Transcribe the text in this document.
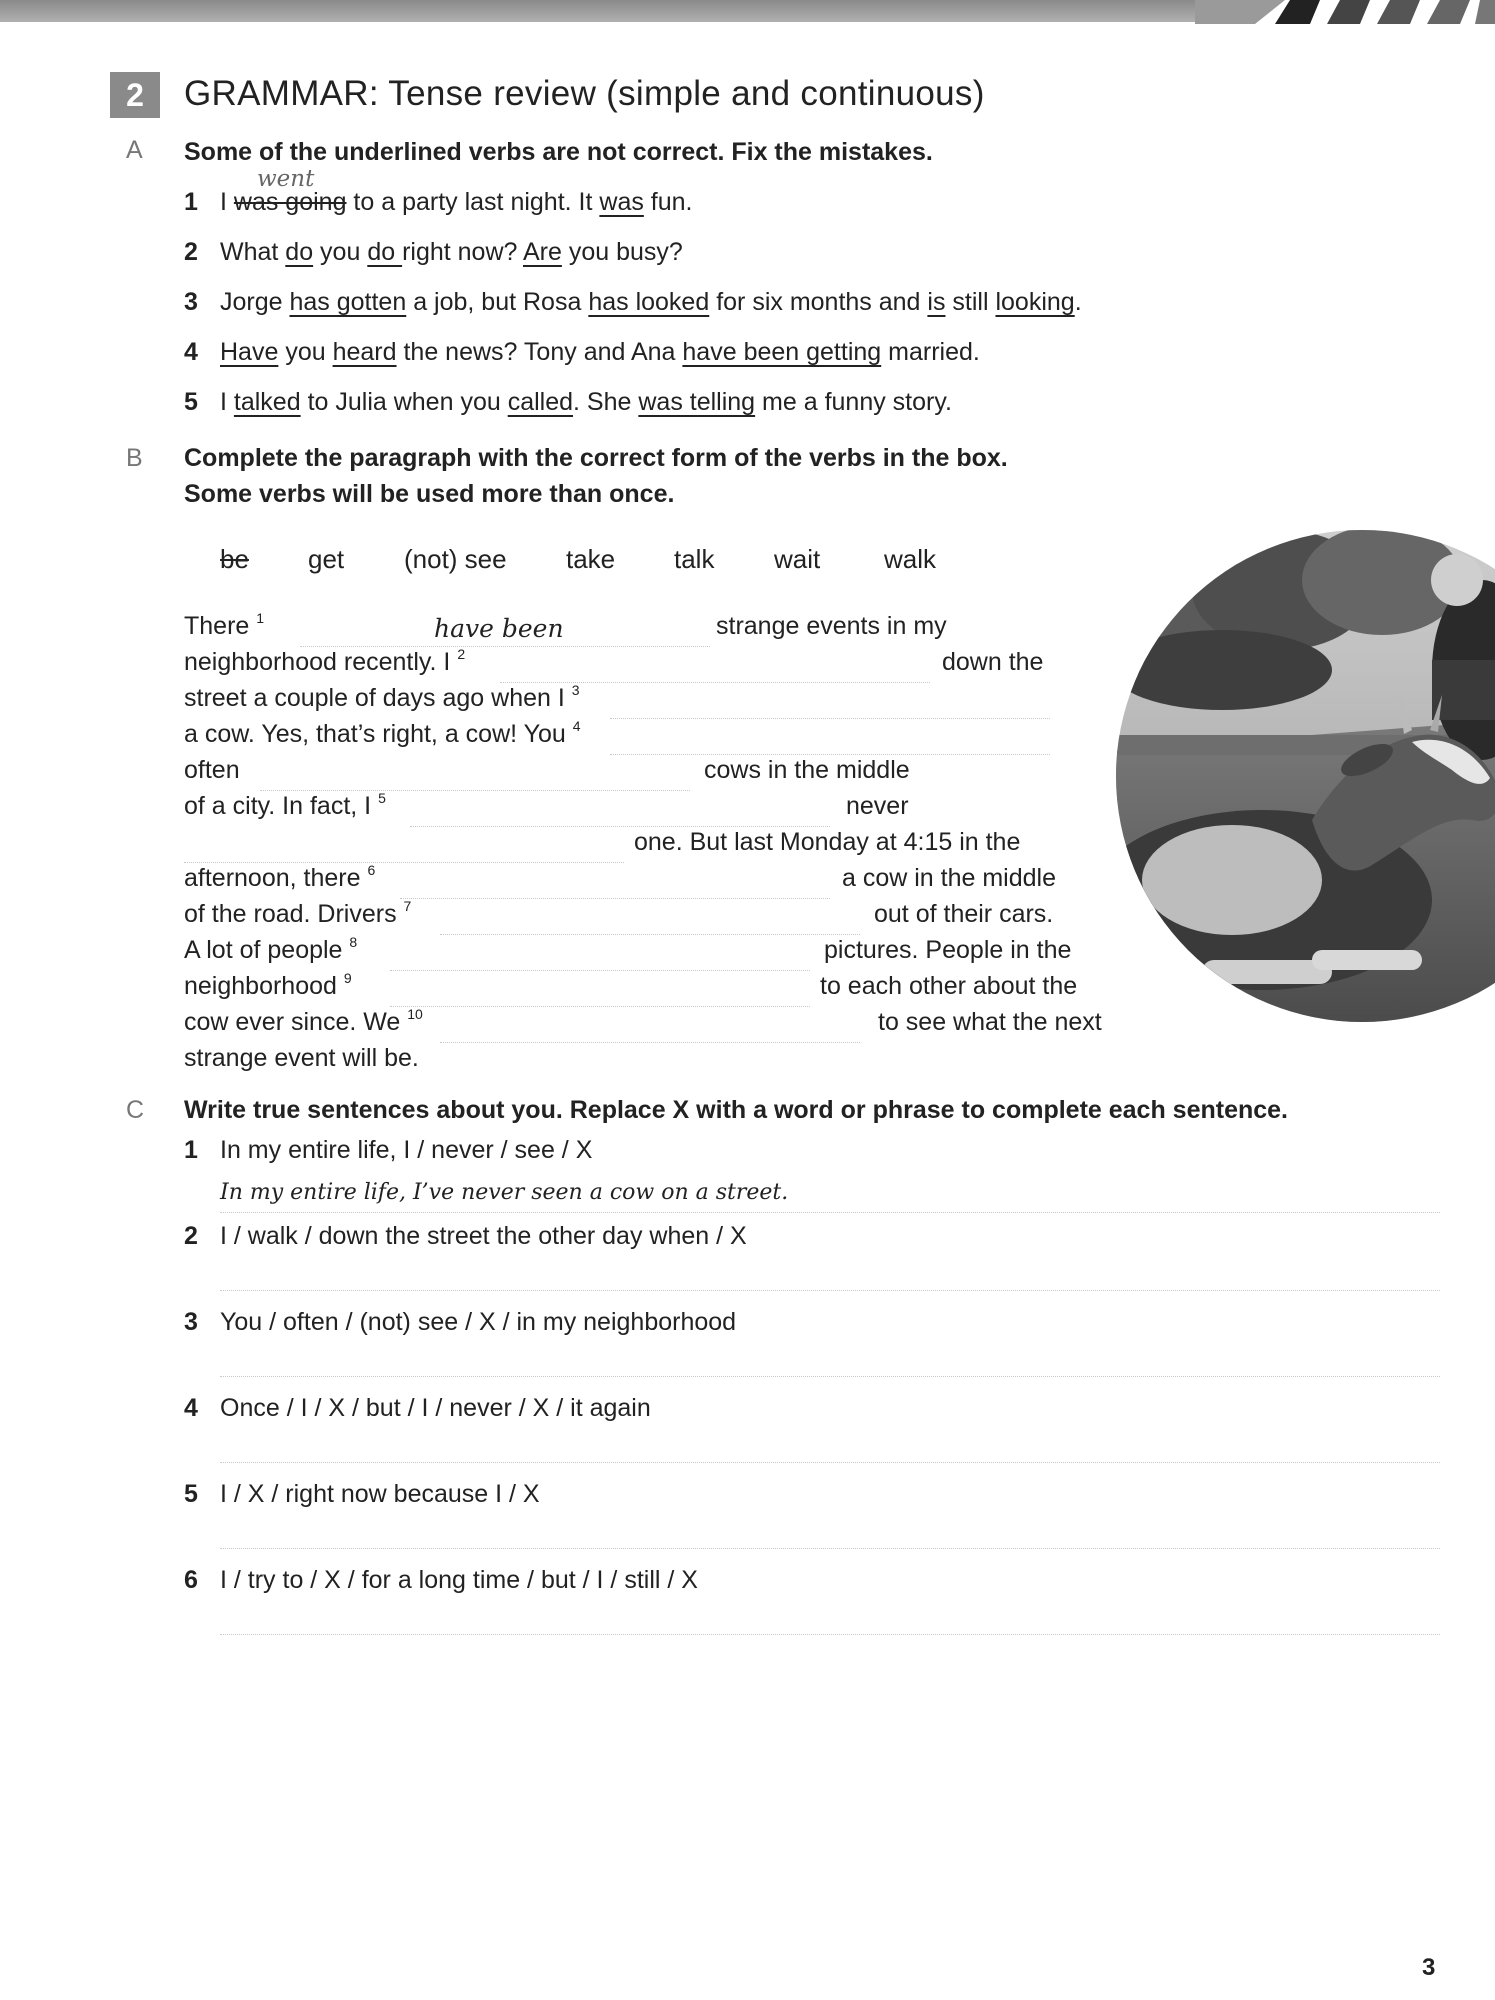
2	GRAMMAR: Tense review (simple and continuous)
A Some of the underlined verbs are not correct. Fix the mistakes.
went
1 I was going to a party last night. It was fun.
2 What do you do right now? Are you busy?
3 Jorge has gotten a job, but Rosa has looked for six months and is still looking.
4 Have you heard the news? Tony and Ana have been getting married.
5 I talked to Julia when you called. She was telling me a funny story.
B Complete the paragraph with the correct form of the verbs in the box.
Some verbs will be used more than once.
be get (not) see take talk wait walk
There $^1$	have been	strange events in my
neighborhood recently. I $^2$	down the
street a couple of days ago when I $^3$
a cow. Yes, that’s right, a cow! You $^4$
often	cows in the middle
of a city. In fact, I $^5$	never
one. But last Monday at 4:15 in the
afternoon, there $^6$	a cow in the middle
of the road. Drivers $^7$	out of their cars.
A lot of people $^8$	pictures. People in the
neighborhood $^9$	to each other about the
cow ever since. We $^{10}$	to see what the next
strange event will be.
C Write true sentences about you. Replace X with a word or phrase to complete each sentence.
1 In my entire life, I / never / see / X
In my entire life, I’ve never seen a cow on a street.
2 I / walk / down the street the other day when / X
3 You / often / (not) see / X / in my neighborhood
4 Once / I / X / but / I / never / X / it again
5 I / X / right now because I / X
6 I / try to / X / for a long time / but / I / still / X
3
